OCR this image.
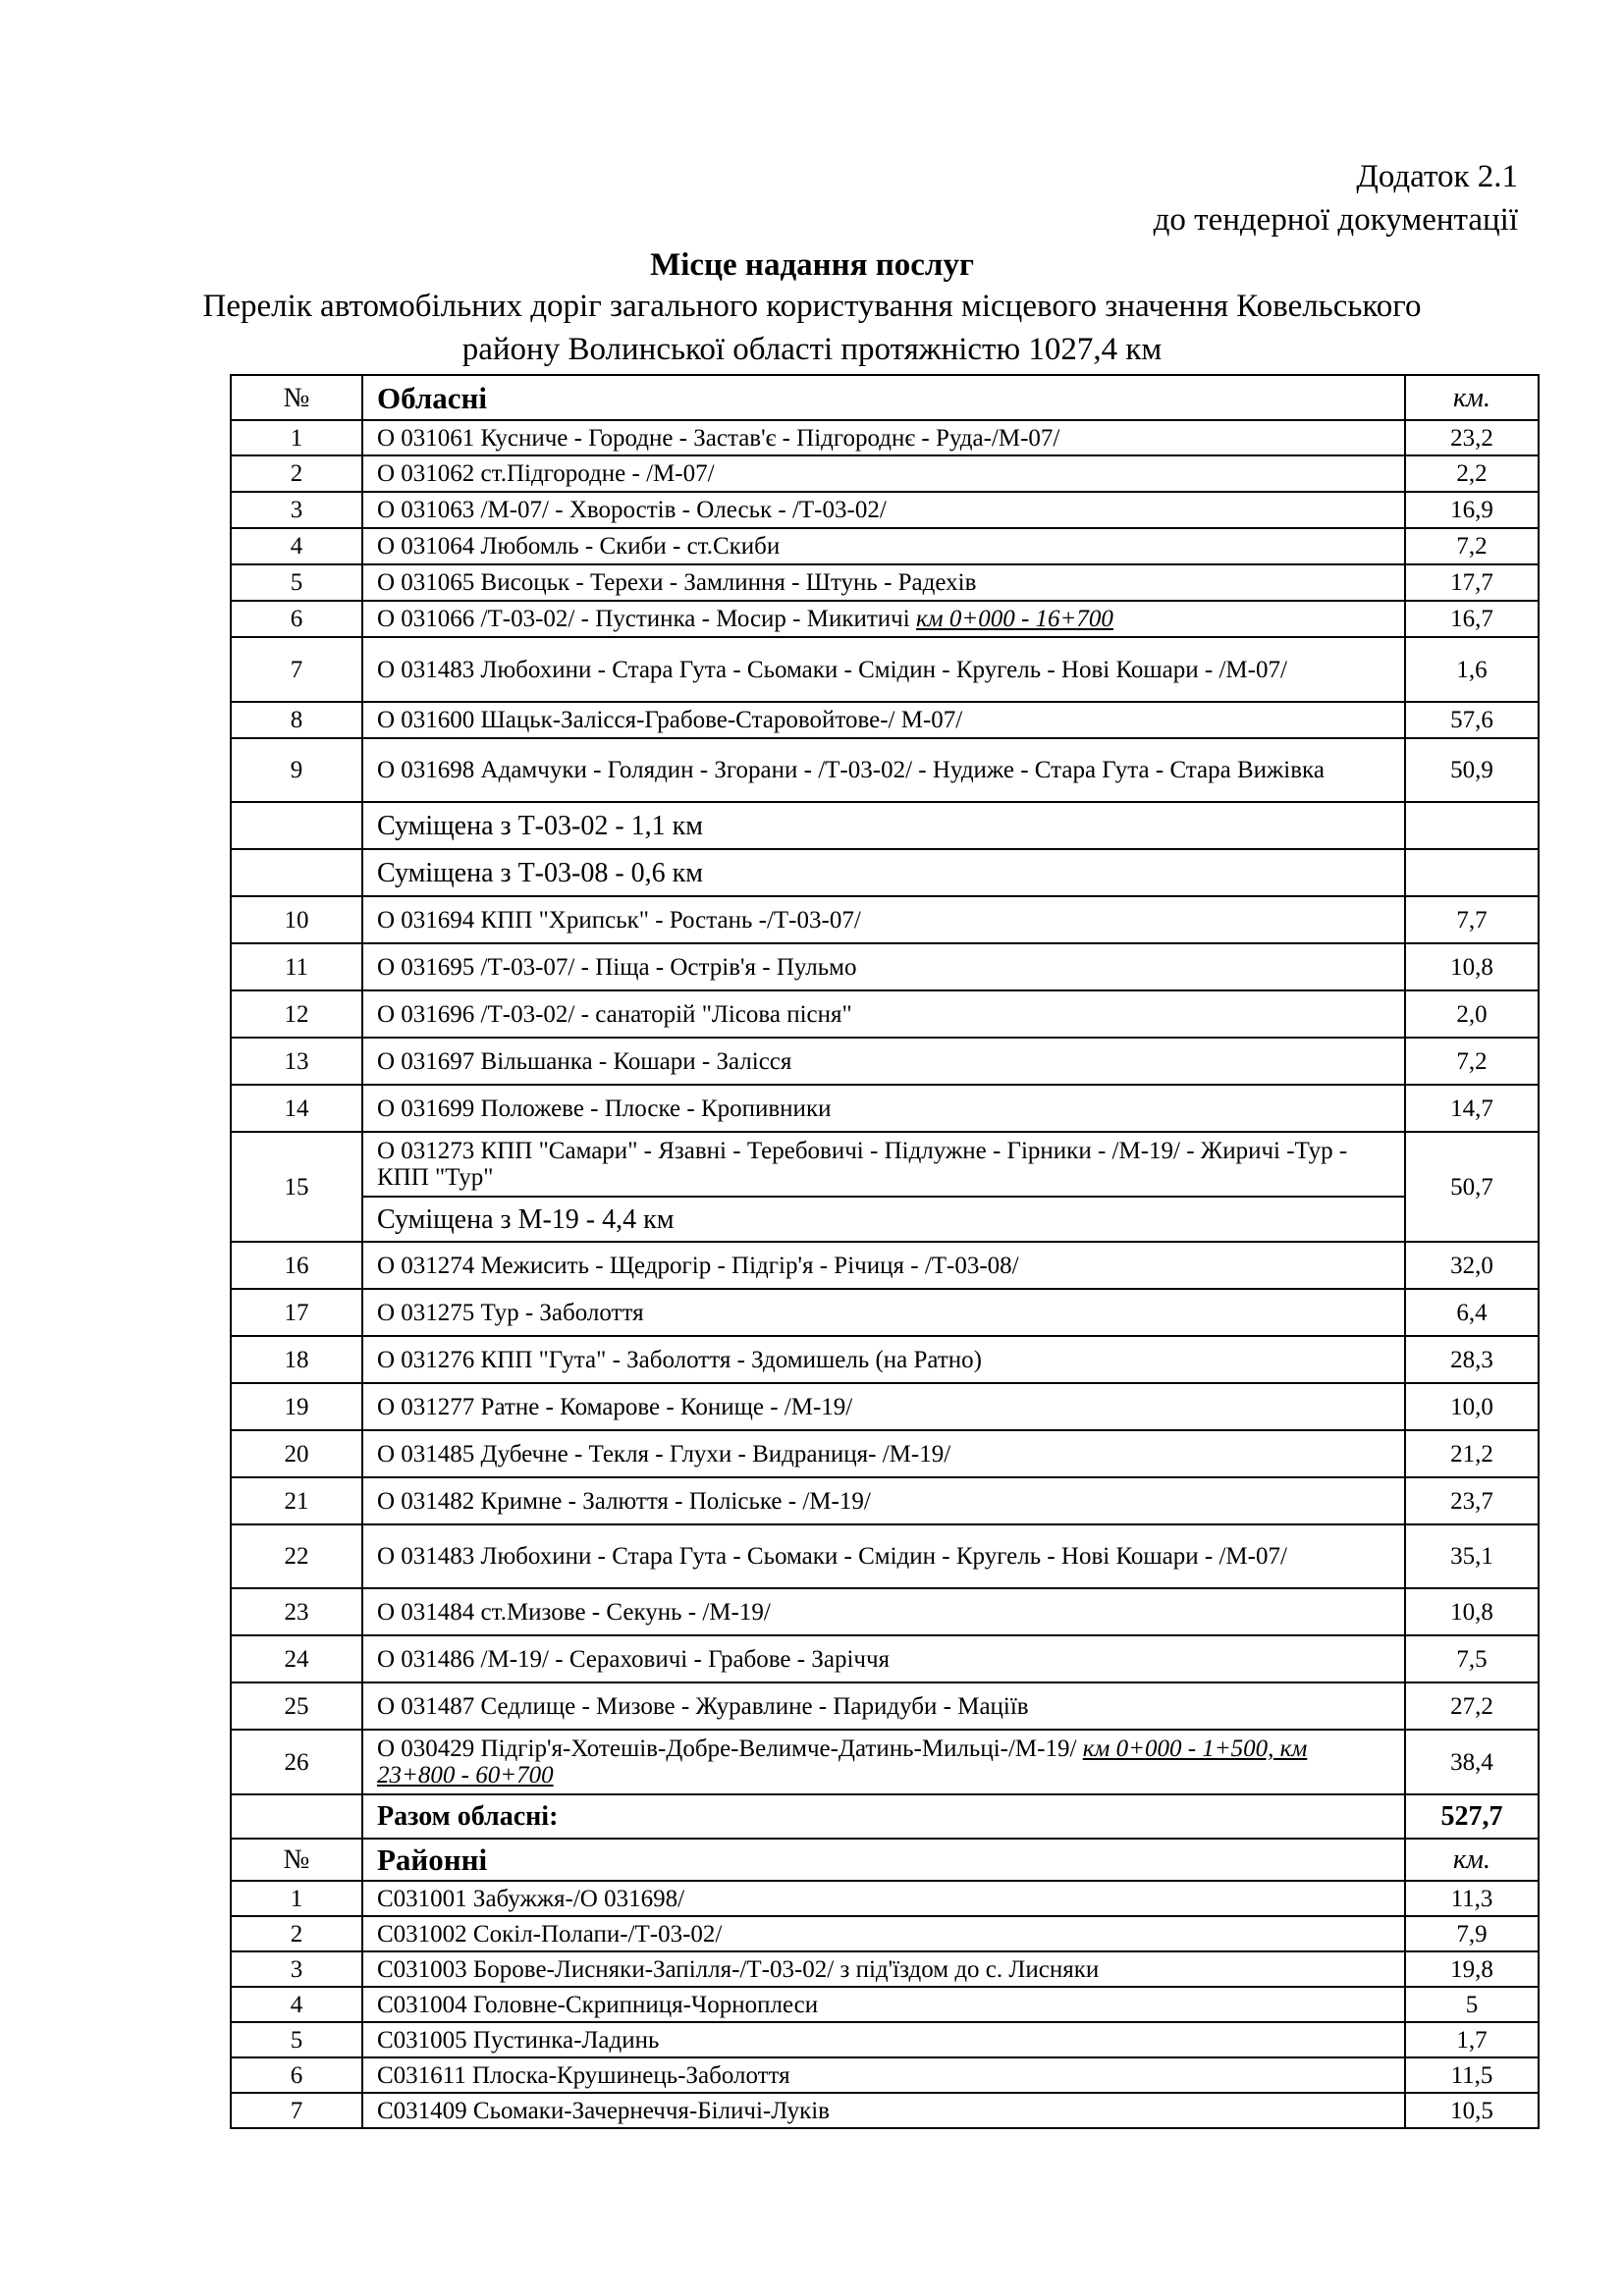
Додаток 2.1
до тендерної документації
Місце надання послуг
Перелік автомобільних доріг загального користування місцевого значення Ковельського
району Волинської області протяжністю 1027,4 км
№	Обласні	км.
1	О 031061 Кусниче - Городне - Застав'є - Підгороднє - Руда-/М-07/	23,2
2	О 031062 ст.Підгородне - /М-07/	2,2
3	О 031063 /М-07/ - Хворостів - Олеськ - /Т-03-02/	16,9
4	О 031064 Любомль - Скиби - ст.Скиби	7,2
5	О 031065 Висоцьк - Терехи - Замлиння - Штунь - Радехів	17,7
6	О 031066 /Т-03-02/ - Пустинка - Мосир - Микитичі км 0+000 - 16+700	16,7
7	О 031483 Любохини - Стара Гута - Сьомаки - Смідин - Кругель - Нові Кошари - /М-07/	1,6
8	О 031600 Шацьк-Залісся-Грабове-Старовойтове-/ М-07/	57,6
9	О 031698 Адамчуки - Голядин - Згорани - /Т-03-02/ - Нудиже - Стара Гута - Стара Вижівка	50,9
	Суміщена з Т-03-02 - 1,1 км	
	Суміщена з Т-03-08 - 0,6 км	
10	О 031694 КПП "Хрипськ" - Ростань -/Т-03-07/	7,7
11	О 031695 /Т-03-07/ - Піща - Острів'я - Пульмо	10,8
12	О 031696 /Т-03-02/ - санаторій "Лісова пісня"	2,0
13	О 031697 Вільшанка - Кошари - Залісся	7,2
14	О 031699 Положеве - Плоске - Кропивники	14,7
15	О 031273 КПП "Самари" - Язавні - Теребовичі - Підлужне - Гірники - /М-19/ - Жиричі -Тур - КПП "Тур"	50,7
	Суміщена з М-19 - 4,4 км	
16	О 031274 Межисить - Щедрогір - Підгір'я - Річиця - /Т-03-08/	32,0
17	О 031275 Тур - Заболоття	6,4
18	О 031276 КПП "Гута" - Заболоття - Здомишель (на Ратно)	28,3
19	О 031277 Ратне - Комарове - Конище - /М-19/	10,0
20	О 031485 Дубечне - Текля - Глухи - Видраниця- /М-19/	21,2
21	О 031482 Кримне - Залюття - Поліське - /М-19/	23,7
22	О 031483 Любохини - Стара Гута - Сьомаки - Смідин - Кругель - Нові Кошари - /М-07/	35,1
23	О 031484 ст.Мизове - Секунь - /М-19/	10,8
24	О 031486 /М-19/ - Сераховичі - Грабове - Заріччя	7,5
25	О 031487 Седлище - Мизове - Журавлине - Паридуби - Маціїв	27,2
26	О 030429 Підгір'я-Хотешів-Добре-Велимче-Датинь-Мильці-/М-19/ км 0+000 - 1+500, км 23+800 - 60+700	38,4
	Разом обласні:	527,7
№	Районні	км.
1	С031001 Забужжя-/О 031698/	11,3
2	С031002 Сокіл-Полапи-/Т-03-02/	7,9
3	С031003 Борове-Лисняки-Запілля-/Т-03-02/ з під'їздом до с. Лисняки	19,8
4	С031004 Головне-Скрипниця-Чорноплеси	5
5	С031005 Пустинка-Ладинь	1,7
6	С031611 Плоска-Крушинець-Заболоття	11,5
7	С031409 Сьомаки-Зачернеччя-Біличі-Луків	10,5
